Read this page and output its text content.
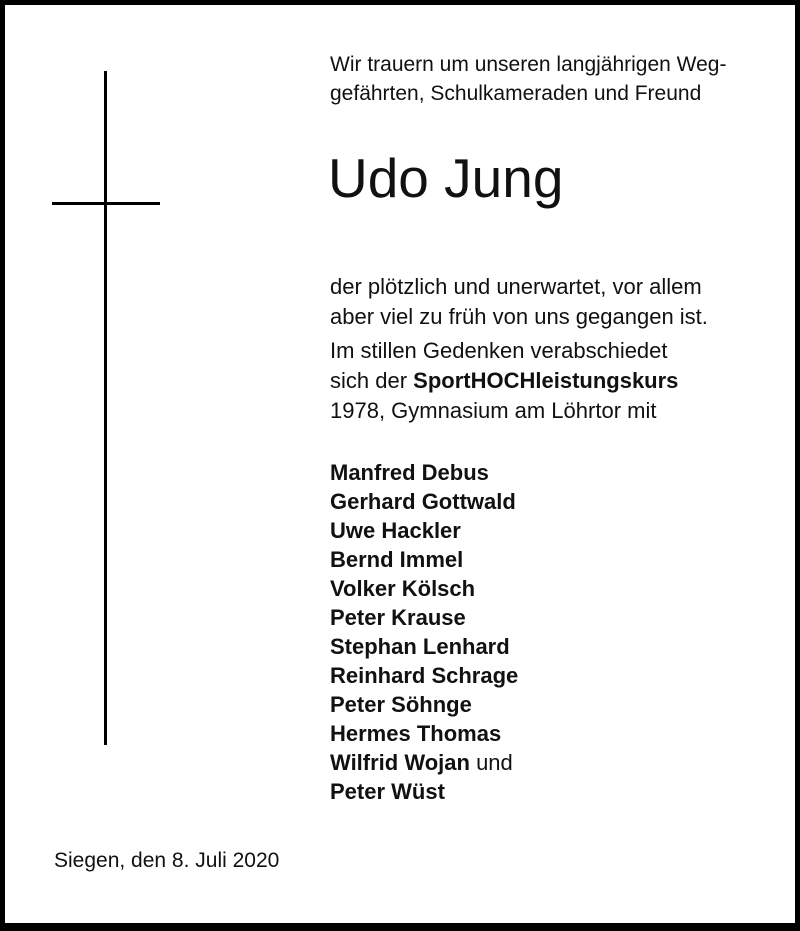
Wir trauern um unseren langjährigen Weg-

gefährten, Schulkameraden und Freund

Udo Jung

der plötzlich und unerwartet, vor allem

aber viel zu früh von uns gegangen ist.

Im stillen Gedenken verabschiedet

sich der SportHOCHleistungskurs

1978, Gymnasium am Löhrtor mit

Manfred Debus
Gerhard Gottwald
Uwe Hackler
Bernd Immel
Volker Kölsch
Peter Krause
Stephan Lenhard
Reinhard Schrage
Peter Söhnge
Hermes Thomas
Wilfrid Wojan und
Peter Wüst

Siegen, den 8. Juli 2020
